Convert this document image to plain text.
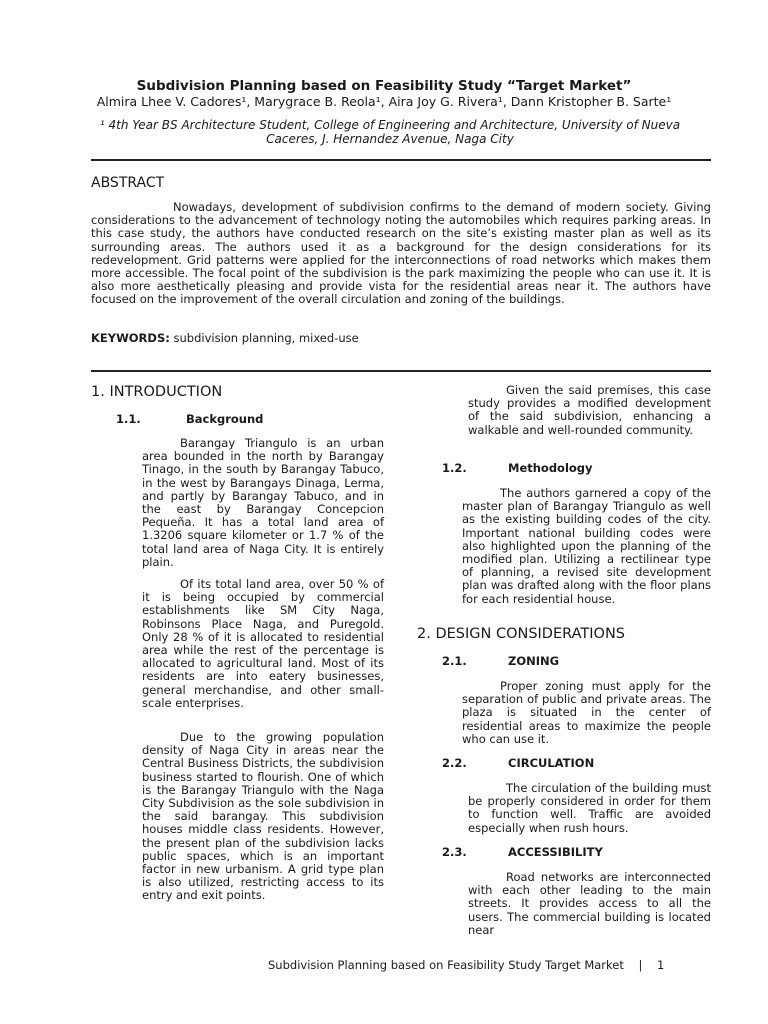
Subdivision Planning based on Feasibility Study “Target Market”
Almira Lhee V. Cadores¹, Marygrace B. Reola¹, Aira Joy G. Rivera¹, Dann Kristopher B. Sarte¹
¹ 4th Year BS Architecture Student, College of Engineering and Architecture, University of Nueva Caceres, J. Hernandez Avenue, Naga City
ABSTRACT

Nowadays, development of subdivision confirms to the demand of modern society. Giving considerations to the advancement of technology noting the automobiles which requires parking areas. In this case study, the authors have conducted research on the site’s existing master plan as well as its surrounding areas. The authors used it as a background for the design considerations for its redevelopment. Grid patterns were applied for the interconnections of road networks which makes them more accessible. The focal point of the subdivision is the park maximizing the people who can use it. It is also more aesthetically pleasing and provide vista for the residential areas near it. The authors have focused on the improvement of the overall circulation and zoning of the buildings.

KEYWORDS: subdivision planning, mixed-use
1. INTRODUCTION
1.1.	Background

Barangay Triangulo is an urban area bounded in the north by Barangay Tinago, in the south by Barangay Tabuco, in the west by Barangays Dinaga, Lerma, and partly by Barangay Tabuco, and in the east by Barangay Concepcion Pequeña. It has a total land area of 1.3206 square kilometer or 1.7 % of the total land area of Naga City. It is entirely plain.

Of its total land area, over 50 % of it is being occupied by commercial establishments like SM City Naga, Robinsons Place Naga, and Puregold. Only 28 % of it is allocated to residential area while the rest of the percentage is allocated to agricultural land. Most of its residents are into eatery businesses, general merchandise, and other small-scale enterprises.

Due to the growing population density of Naga City in areas near the Central Business Districts, the subdivision business started to flourish. One of which is the Barangay Triangulo with the Naga City Subdivision as the sole subdivision in the said barangay. This subdivision houses middle class residents. However, the present plan of the subdivision lacks public spaces, which is an important factor in new urbanism. A grid type plan is also utilized, restricting access to its entry and exit points.

Given the said premises, this case study provides a modified development of the said subdivision, enhancing a walkable and well-rounded community.

1.2.	Methodology

The authors garnered a copy of the master plan of Barangay Triangulo as well as the existing building codes of the city. Important national building codes were also highlighted upon the planning of the modified plan. Utilizing a rectilinear type of planning, a revised site development plan was drafted along with the floor plans for each residential house.

2. DESIGN CONSIDERATIONS
2.1.	ZONING

Proper zoning must apply for the separation of public and private areas. The plaza is situated in the center of residential areas to maximize the people who can use it.

2.2.	CIRCULATION

The circulation of the building must be properly considered in order for them to function well. Traffic are avoided especially when rush hours.

2.3.	ACCESSIBILITY

Road networks are interconnected with each other leading to the main streets. It provides access to all the users. The commercial building is located near

Subdivision Planning based on Feasibility Study Target Market | 1
